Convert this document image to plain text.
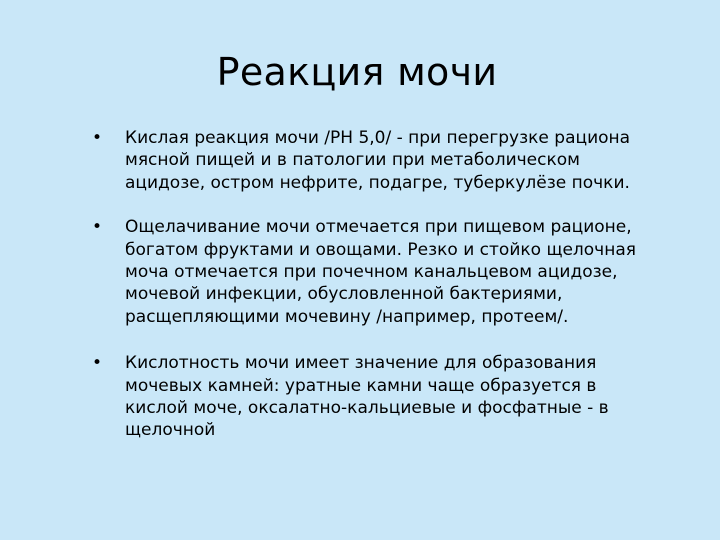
Реакция мочи
•	Кислая реакция мочи /PH 5,0/ - при перегрузке рациона
мясной пищей и в патологии при метаболическом
ацидозе, остром нефрите, подагре, туберкулёзе почки.
•	Ощелачивание мочи отмечается при пищевом рационе,
богатом фруктами и овощами. Резко и стойко щелочная
моча отмечается при почечном канальцевом ацидозе,
мочевой инфекции, обусловленной бактериями,
расщепляющими мочевину /например, протеем/.
•	Кислотность мочи имеет значение для образования
мочевых камней: уратные камни чаще образуется в
кислой моче, оксалатно-кальциевые и фосфатные - в
щелочной
